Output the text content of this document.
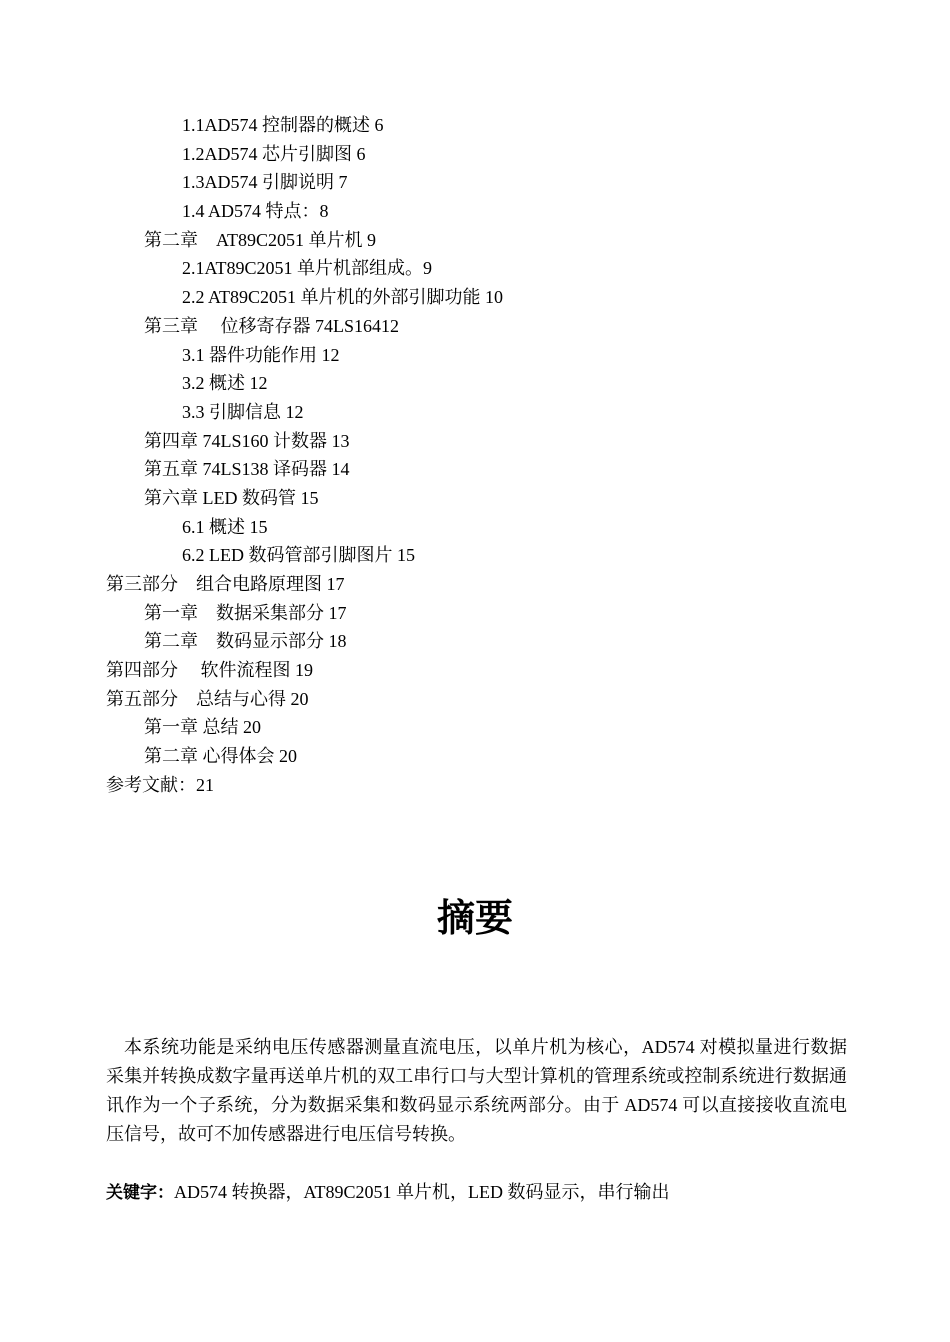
1.1AD574 控制器的概述 6
1.2AD574 芯片引脚图 6
1.3AD574 引脚说明 7
1.4 AD574 特点：8
第二章　AT89C2051 单片机 9
2.1AT89C2051 单片机部组成。9
2.2 AT89C2051 单片机的外部引脚功能 10
第三章　 位移寄存器 74LS16412
3.1 器件功能作用 12
3.2 概述 12
3.3 引脚信息 12
第四章 74LS160 计数器 13
第五章 74LS138 译码器 14
第六章 LED 数码管 15
6.1 概述 15
6.2 LED 数码管部引脚图片 15
第三部分　组合电路原理图 17
第一章　数据采集部分 17
第二章　数码显示部分 18
第四部分　 软件流程图 19
第五部分　总结与心得 20
第一章 总结 20
第二章 心得体会 20
参考文献：21
摘要

本系统功能是采纳电压传感器测量直流电压，以单片机为核心，AD574 对模拟量进行数据采集并转换成数字量再送单片机的双工串行口与大型计算机的管理系统或控制系统进行数据通讯作为一个子系统，分为数据采集和数码显示系统两部分。由于 AD574 可以直接接收直流电压信号，故可不加传感器进行电压信号转换。

关键字：AD574 转换器，AT89C2051 单片机，LED 数码显示，串行输出
